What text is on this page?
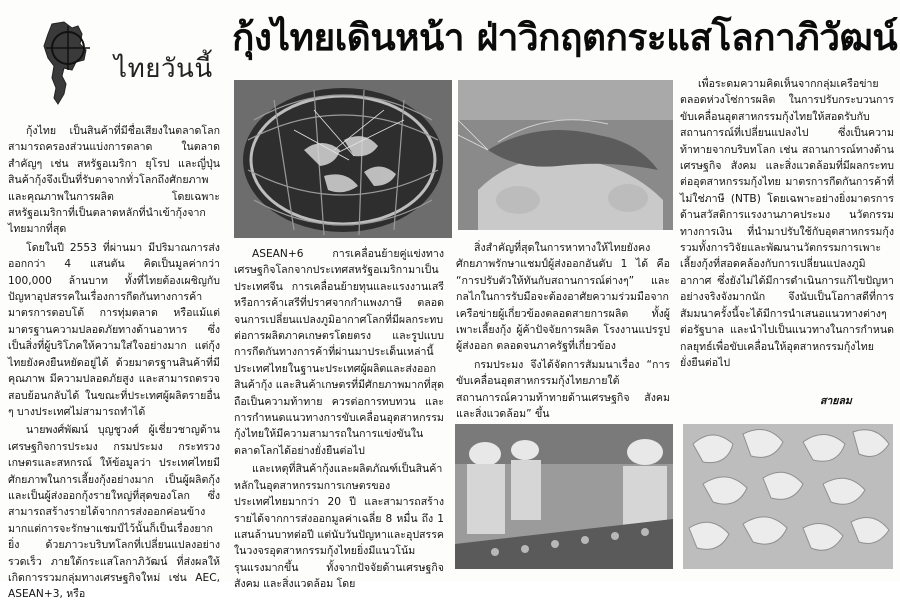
ไทยวันนี้
กุ้งไทยเดินหน้า ฝ่าวิกฤตกระแสโลกาภิวัฒน์

กุ้งไทย เป็นสินค้าที่มีชื่อเสียงในตลาดโลก สามารถครองส่วนแบ่งการตลาด ในตลาดสำคัญๆ เช่น สหรัฐอเมริกา ยุโรป และญี่ปุ่น สินค้ากุ้งจึงเป็นที่รับตาจากทั่วโลกถึงศักยภาพและคุณภาพในการผลิต โดยเฉพาะสหรัฐอเมริกาที่เป็นตลาดหลักที่นำเข้ากุ้งจากไทยมากที่สุด

โดยในปี 2553 ที่ผ่านมา มีปริมาณการส่งออกกว่า 4 แสนตัน คิดเป็นมูลค่ากว่า 100,000 ล้านบาท ทั้งที่ไทยต้องเผชิญกับปัญหาอุปสรรคในเรื่องการกีดกันทางการค้า มาตรการตอบโต้ การทุ่มตลาด หรือแม้แต่มาตรฐานความปลอดภัยทางด้านอาหาร ซึ่งเป็นสิ่งที่ผู้บริโภคให้ความใส่ใจอย่างมาก แต่กุ้งไทยยังคงยืนหยัดอยู่ได้ ด้วยมาตรฐานสินค้าที่มีคุณภาพ มีความปลอดภัยสูง และสามารถตรวจสอบย้อนกลับได้ ในขณะที่ประเทศผู้ผลิตรายอื่น ๆ บางประเทศไม่สามารถทำได้

นายพงศ์พัฒน์ บุญชูวงศ์ ผู้เชี่ยวชาญด้านเศรษฐกิจการประมง กรมประมง กระทรวงเกษตรและสหกรณ์ ให้ข้อมูลว่า ประเทศไทยมีศักยภาพในการเลี้ยงกุ้งอย่างมาก เป็นผู้ผลิตกุ้งและเป็นผู้ส่งออกกุ้งรายใหญ่ที่สุดของโลก ซึ่งสามารถสร้างรายได้จากการส่งออกค่อนข้างมากแต่การจะรักษาแชมป์ไว้นั้นก็เป็นเรื่องยากยิ่ง ด้วยภาวะบริบทโลกที่เปลี่ยนแปลงอย่างรวดเร็ว ภายใต้กระแสโลกาภิวัฒน์ ที่ส่งผลให้เกิดการรวมกลุ่มทางเศรษฐกิจใหม่ เช่น AEC, ASEAN+3, หรือ

ASEAN+6 การเคลื่อนย้ายคู่แข่งทางเศรษฐกิจโลกจากประเทศสหรัฐอเมริกามาเป็นประเทศจีน การเคลื่อนย้ายทุนและแรงงานเสรี หรือการค้าเสรีที่ปราศจากกำแพงภาษี ตลอดจนการเปลี่ยนแปลงภูมิอากาศโลกที่มีผลกระทบต่อการผลิตภาคเกษตรโดยตรง และรูปแบบการกีดกันทางการค้าที่ผ่านมาประเด็นเหล่านี้ ประเทศไทยในฐานะประเทศผู้ผลิตและส่งออกสินค้ากุ้ง และสินค้าเกษตรที่มีศักยภาพมากที่สุด ถือเป็นความท้าทาย ควรต่อการทบทวน และการกำหนดแนวทางการขับเคลื่อนอุตสาหกรรมกุ้งไทยให้มีความสามารถในการแข่งขันในตลาดโลกได้อย่างยั่งยืนต่อไป

และเหตุที่สินค้ากุ้งและผลิตภัณฑ์เป็นสินค้าหลักในอุตสาหกรรมการเกษตรของประเทศไทยมากว่า 20 ปี และสามารถสร้างรายได้จากการส่งออกมูลค่าเฉลี่ย 8 หมื่น ถึง 1 แสนล้านบาทต่อปี แต่นับวันปัญหาและอุปสรรคในวงจรอุตสาหกรรมกุ้งไทยยิ่งมีแนวโน้มรุนแรงมากขึ้น ทั้งจากปัจจัยด้านเศรษฐกิจ สังคม และสิ่งแวดล้อม โดย

สิ่งสำคัญที่สุดในการหาทางให้ไทยยังคงศักยภาพรักษาแชมป์ผู้ส่งออกอันดับ 1 ได้ คือ “การปรับตัวให้ทันกับสถานการณ์ต่างๆ” และกลไกในการรับมือจะต้องอาศัยความร่วมมือจากเครือข่ายผู้เกี่ยวข้องตลอดสายการผลิต ทั้งผู้เพาะเลี้ยงกุ้ง ผู้ค้าปัจจัยการผลิต โรงงานแปรรูป ผู้ส่งออก ตลอดจนภาครัฐที่เกี่ยวข้อง

กรมประมง จึงได้จัดการสัมมนาเรื่อง “การขับเคลื่อนอุตสาหกรรมกุ้งไทยภายใต้สถานการณ์ความท้าทายด้านเศรษฐกิจ สังคม และสิ่งแวดล้อม” ขึ้น

เพื่อระดมความคิดเห็นจากกลุ่มเครือข่ายตลอดห่วงโซ่การผลิต ในการปรับกระบวนการขับเคลื่อนอุตสาหกรรมกุ้งไทยให้สอดรับกับสถานการณ์ที่เปลี่ยนแปลงไป ซึ่งเป็นความท้าทายจากบริบทโลก เช่น สถานการณ์ทางด้านเศรษฐกิจ สังคม และสิ่งแวดล้อมที่มีผลกระทบต่ออุตสาหกรรมกุ้งไทย มาตรการกีดกันการค้าที่ไม่ใช่ภาษี (NTB) โดยเฉพาะอย่างยิ่งมาตรการด้านสวัสดิการแรงงานภาคประมง นวัตกรรมทางการเงิน ที่นำมาปรับใช้กับอุตสาหกรรมกุ้ง รวมทั้งการวิจัยและพัฒนานวัตกรรมการเพาะเลี้ยงกุ้งที่สอดคล้องกับการเปลี่ยนแปลงภูมิอากาศ ซึ่งยังไม่ได้มีการดำเนินการแก้ไขปัญหาอย่างจริงจังมากนัก จึงนับเป็นโอกาสดีที่การสัมมนาครั้งนี้จะได้มีการนำเสนอแนวทางต่างๆ ต่อรัฐบาล และนำไปเป็นแนวทางในการกำหนดกลยุทธ์เพื่อขับเคลื่อนให้อุตสาหกรรมกุ้งไทยยั่งยืนต่อไป

สายลม
